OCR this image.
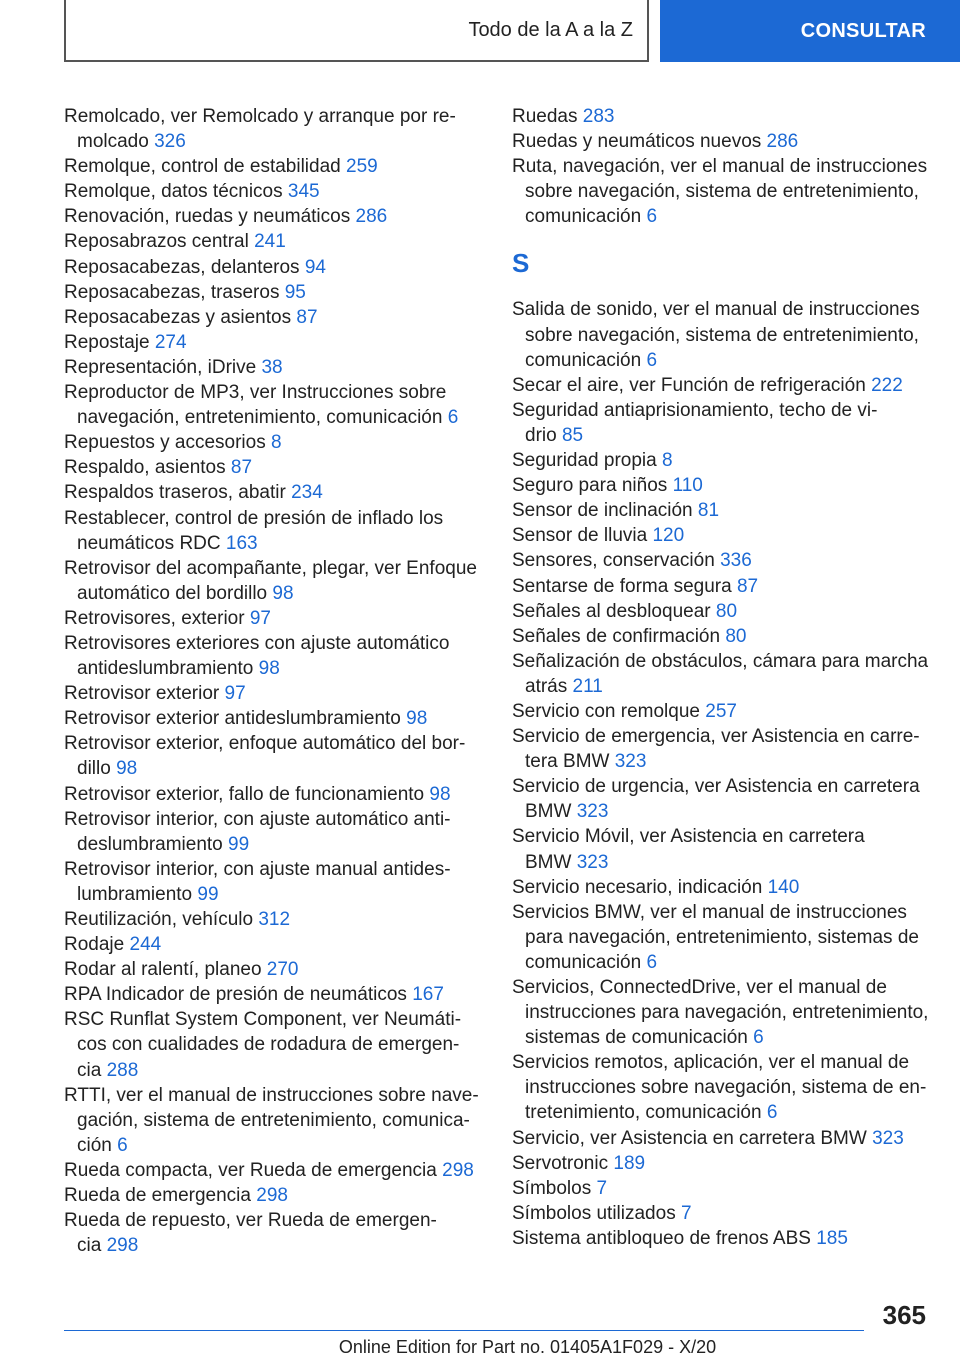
Todo de la A a la Z	CONSULTAR

Remolcado, ver Remolcado y arranque por re-
molcado 326

Remolque, control de estabilidad 259

Remolque, datos técnicos 345

Renovación, ruedas y neumáticos 286

Reposabrazos central 241

Reposacabezas, delanteros 94

Reposacabezas, traseros 95

Reposacabezas y asientos 87

Repostaje 274

Representación, iDrive 38

Reproductor de MP3, ver Instrucciones sobre
navegación, entretenimiento, comunicación 6

Repuestos y accesorios 8

Respaldo, asientos 87

Respaldos traseros, abatir 234

Restablecer, control de presión de inflado los
neumáticos RDC 163

Retrovisor del acompañante, plegar, ver Enfoque
automático del bordillo 98

Retrovisores, exterior 97

Retrovisores exteriores con ajuste automático
antideslumbramiento 98

Retrovisor exterior 97

Retrovisor exterior antideslumbramiento 98

Retrovisor exterior, enfoque automático del bor-
dillo 98

Retrovisor exterior, fallo de funcionamiento 98

Retrovisor interior, con ajuste automático anti-
deslumbramiento 99

Retrovisor interior, con ajuste manual antides-
lumbramiento 99

Reutilización, vehículo 312

Rodaje 244

Rodar al ralentí, planeo 270

RPA Indicador de presión de neumáticos 167

RSC Runflat System Component, ver Neumáti-
cos con cualidades de rodadura de emergen-
cia 288

RTTI, ver el manual de instrucciones sobre nave-
gación, sistema de entretenimiento, comunica-
ción 6

Rueda compacta, ver Rueda de emergencia 298

Rueda de emergencia 298

Rueda de repuesto, ver Rueda de emergen-
cia 298

Ruedas 283

Ruedas y neumáticos nuevos 286

Ruta, navegación, ver el manual de instrucciones
sobre navegación, sistema de entretenimiento,
comunicación 6

S

Salida de sonido, ver el manual de instrucciones
sobre navegación, sistema de entretenimiento,
comunicación 6

Secar el aire, ver Función de refrigeración 222

Seguridad antiaprisionamiento, techo de vi-
drio 85

Seguridad propia 8

Seguro para niños 110

Sensor de inclinación 81

Sensor de lluvia 120

Sensores, conservación 336

Sentarse de forma segura 87

Señales al desbloquear 80

Señales de confirmación 80

Señalización de obstáculos, cámara para marcha
atrás 211

Servicio con remolque 257

Servicio de emergencia, ver Asistencia en carre-
tera BMW 323

Servicio de urgencia, ver Asistencia en carretera
BMW 323

Servicio Móvil, ver Asistencia en carretera
BMW 323

Servicio necesario, indicación 140

Servicios BMW, ver el manual de instrucciones
para navegación, entretenimiento, sistemas de
comunicación 6

Servicios, ConnectedDrive, ver el manual de
instrucciones para navegación, entretenimiento,
sistemas de comunicación 6

Servicios remotos, aplicación, ver el manual de
instrucciones sobre navegación, sistema de en-
tretenimiento, comunicación 6

Servicio, ver Asistencia en carretera BMW 323

Servotronic 189

Símbolos 7

Símbolos utilizados 7

Sistema antibloqueo de frenos ABS 185

365
Online Edition for Part no. 01405A1F029 - X/20
